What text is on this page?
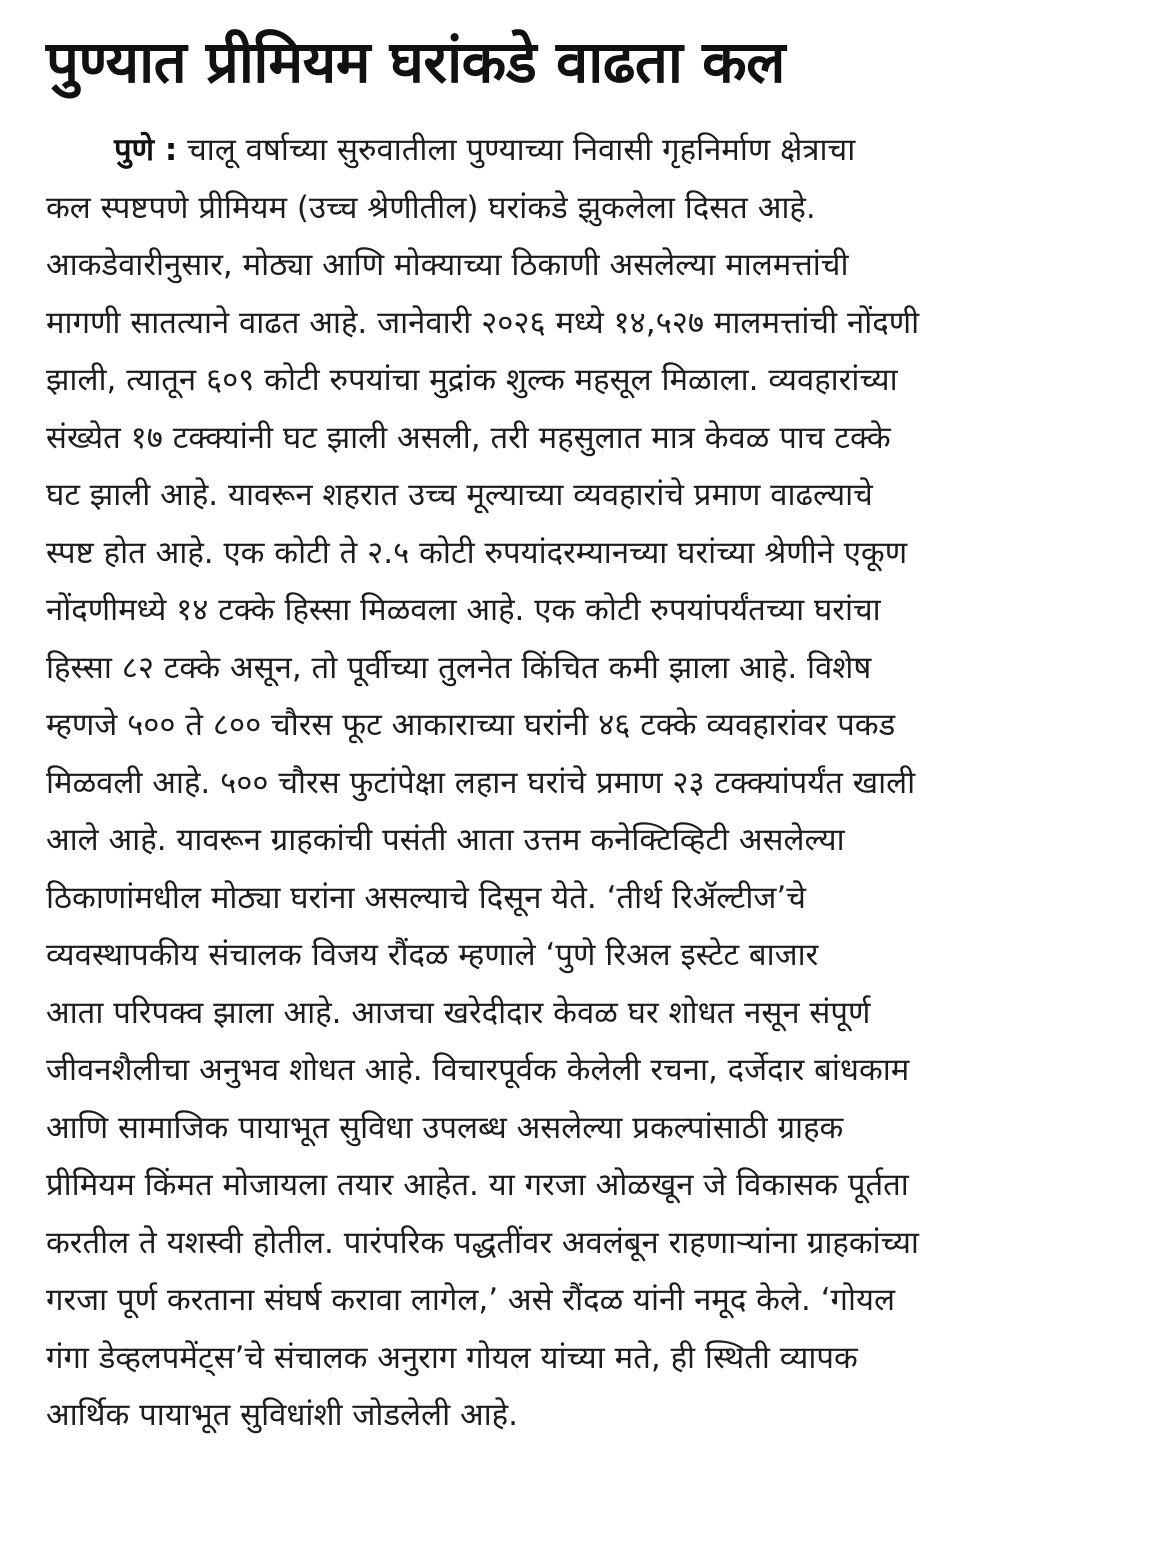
पुण्यात प्रीमियम घरांकडे वाढता कल
पुणे : चालू वर्षाच्या सुरुवातीला पुण्याच्या निवासी गृहनिर्माण क्षेत्राचा
कल स्पष्टपणे प्रीमियम (उच्च श्रेणीतील) घरांकडे झुकलेला दिसत आहे.
आकडेवारीनुसार, मोठ्या आणि मोक्याच्या ठिकाणी असलेल्या मालमत्तांची
मागणी सातत्याने वाढत आहे. जानेवारी २०२६ मध्ये १४,५२७ मालमत्तांची नोंदणी
झाली, त्यातून ६०९ कोटी रुपयांचा मुद्रांक शुल्क महसूल मिळाला. व्यवहारांच्या
संख्येत १७ टक्क्यांनी घट झाली असली, तरी महसुलात मात्र केवळ पाच टक्के
घट झाली आहे. यावरून शहरात उच्च मूल्याच्या व्यवहारांचे प्रमाण वाढल्याचे
स्पष्ट होत आहे. एक कोटी ते २.५ कोटी रुपयांदरम्यानच्या घरांच्या श्रेणीने एकूण
नोंदणीमध्ये १४ टक्के हिस्सा मिळवला आहे. एक कोटी रुपयांपर्यंतच्या घरांचा
हिस्सा ८२ टक्के असून, तो पूर्वीच्या तुलनेत किंचित कमी झाला आहे. विशेष
म्हणजे ५०० ते ८०० चौरस फूट आकाराच्या घरांनी ४६ टक्के व्यवहारांवर पकड
मिळवली आहे. ५०० चौरस फुटांपेक्षा लहान घरांचे प्रमाण २३ टक्क्यांपर्यंत खाली
आले आहे. यावरून ग्राहकांची पसंती आता उत्तम कनेक्टिव्हिटी असलेल्या
ठिकाणांमधील मोठ्या घरांना असल्याचे दिसून येते. ‘तीर्थ रिॲल्टीज’चे
व्यवस्थापकीय संचालक विजय रौंदळ म्हणाले ‘पुणे रिअल इस्टेट बाजार
आता परिपक्व झाला आहे. आजचा खरेदीदार केवळ घर शोधत नसून संपूर्ण
जीवनशैलीचा अनुभव शोधत आहे. विचारपूर्वक केलेली रचना, दर्जेदार बांधकाम
आणि सामाजिक पायाभूत सुविधा उपलब्ध असलेल्या प्रकल्पांसाठी ग्राहक
प्रीमियम किंमत मोजायला तयार आहेत. या गरजा ओळखून जे विकासक पूर्तता
करतील ते यशस्वी होतील. पारंपरिक पद्धतींवर अवलंबून राहणाऱ्यांना ग्राहकांच्या
गरजा पूर्ण करताना संघर्ष करावा लागेल,’ असे रौंदळ यांनी नमूद केले. ‘गोयल
गंगा डेव्हलपमेंट्स’चे संचालक अनुराग गोयल यांच्या मते, ही स्थिती व्यापक
आर्थिक पायाभूत सुविधांशी जोडलेली आहे.
